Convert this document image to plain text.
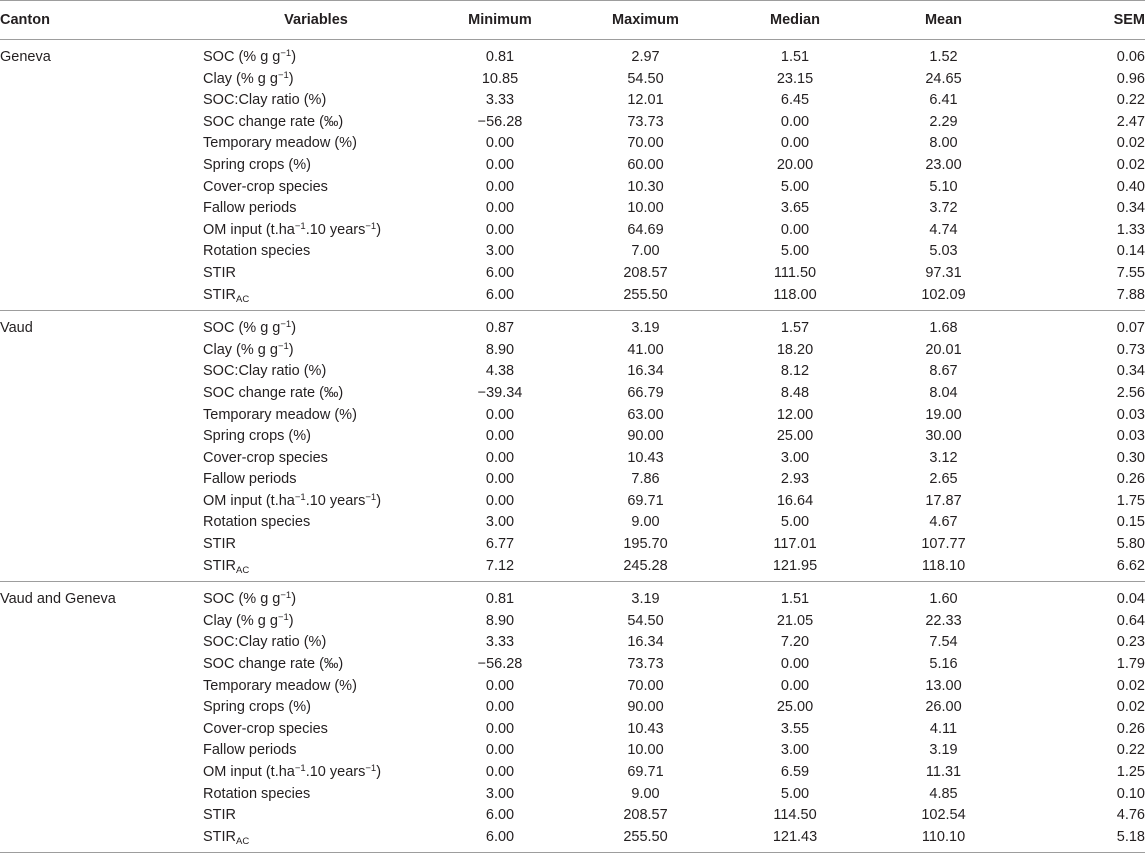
Canton	Variables	Minimum	Maximum	Median	Mean	SEM
Geneva	SOC (% g $g^{-1}$)	0.81	2.97	1.51	1.52	0.06
	Clay (% g $g^{-1}$)	10.85	54.50	23.15	24.65	0.96
	SOC:Clay ratio (%)	3.33	12.01	6.45	6.41	0.22
	SOC change rate (‰)	−56.28	73.73	0.00	2.29	2.47
	Temporary meadow (%)	0.00	70.00	0.00	8.00	0.02
	Spring crops (%)	0.00	60.00	20.00	23.00	0.02
	Cover-crop species	0.00	10.30	5.00	5.10	0.40
	Fallow periods	0.00	10.00	3.65	3.72	0.34
	OM input ($t.ha^{-1}.10$ years$^{-1}$)	0.00	64.69	0.00	4.74	1.33
	Rotation species	3.00	7.00	5.00	5.03	0.14
	STIR	6.00	208.57	111.50	97.31	7.55
	$STIR_{AC}$	6.00	255.50	118.00	102.09	7.88
Vaud	SOC (% g $g^{-1}$)	0.87	3.19	1.57	1.68	0.07
	Clay (% g $g^{-1}$)	8.90	41.00	18.20	20.01	0.73
	SOC:Clay ratio (%)	4.38	16.34	8.12	8.67	0.34
	SOC change rate (‰)	−39.34	66.79	8.48	8.04	2.56
	Temporary meadow (%)	0.00	63.00	12.00	19.00	0.03
	Spring crops (%)	0.00	90.00	25.00	30.00	0.03
	Cover-crop species	0.00	10.43	3.00	3.12	0.30
	Fallow periods	0.00	7.86	2.93	2.65	0.26
	OM input ($t.ha^{-1}.10$ years$^{-1}$)	0.00	69.71	16.64	17.87	1.75
	Rotation species	3.00	9.00	5.00	4.67	0.15
	STIR	6.77	195.70	117.01	107.77	5.80
	$STIR_{AC}$	7.12	245.28	121.95	118.10	6.62
Vaud and Geneva	SOC (% g $g^{-1}$)	0.81	3.19	1.51	1.60	0.04
	Clay (% g $g^{-1}$)	8.90	54.50	21.05	22.33	0.64
	SOC:Clay ratio (%)	3.33	16.34	7.20	7.54	0.23
	SOC change rate (‰)	−56.28	73.73	0.00	5.16	1.79
	Temporary meadow (%)	0.00	70.00	0.00	13.00	0.02
	Spring crops (%)	0.00	90.00	25.00	26.00	0.02
	Cover-crop species	0.00	10.43	3.55	4.11	0.26
	Fallow periods	0.00	10.00	3.00	3.19	0.22
	OM input ($t.ha^{-1}.10$ years$^{-1}$)	0.00	69.71	6.59	11.31	1.25
	Rotation species	3.00	9.00	5.00	4.85	0.10
	STIR	6.00	208.57	114.50	102.54	4.76
	$STIR_{AC}$	6.00	255.50	121.43	110.10	5.18
